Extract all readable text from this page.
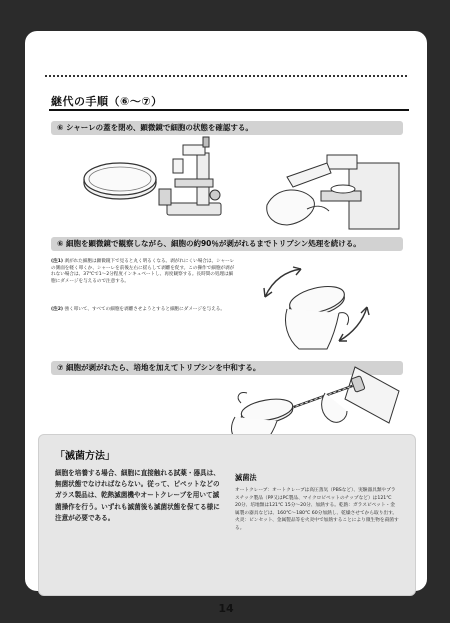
継代の手順（⑥〜⑦）
⑥ シャーレの蓋を閉め、顕微鏡で細胞の状態を確認する。
⑥ 細胞を顕微鏡で観察しながら、細胞の約90％が剥がれるまでトリプシン処理を続ける。
(注1) 剥がれた細胞は顕微鏡下で見ると丸く明るくなる。剥がれにくい場合は、シャーレの側面を軽く叩くか、シャーレを前後左右に揺らして剥離を促す。この操作で細胞が剥がれない場合は、37℃で1〜2分程度インキュベートし、再度観察する。長時間の処理は細胞にダメージを与えるので注意する。
(注2) 強く叩いて、すべての細胞を剥離させようとすると細胞にダメージを与える。
⑦ 細胞が剥がれたら、培地を加えてトリプシンを中和する。
「滅菌方法」
細胞を培養する場合、細胞に直接触れる試薬・器具は、無菌状態でなければならない。従って、ピペットなどのガラス製品は、乾熱滅菌機やオートクレーブを用いて滅菌操作を行う。いずれも滅菌後も滅菌状態を保てる様に注意が必要である。
滅菌法
オートクレーブ：オートクレーブは高圧蒸気（PBSなど）、実験器具類やプラスチック製品（PP又はPC製品、マイクロピペットのチップなど）は121℃ 20分、培地類は121℃ 15分〜20分、加熱する。乾熱：ガラスピペット・金属製の器具などは、160℃〜180℃ 60分加熱し、乾燥させてから取り出す。火炎：ピンセット、金属製品等を火炎中で加熱することにより微生物を殺菌する。
14
